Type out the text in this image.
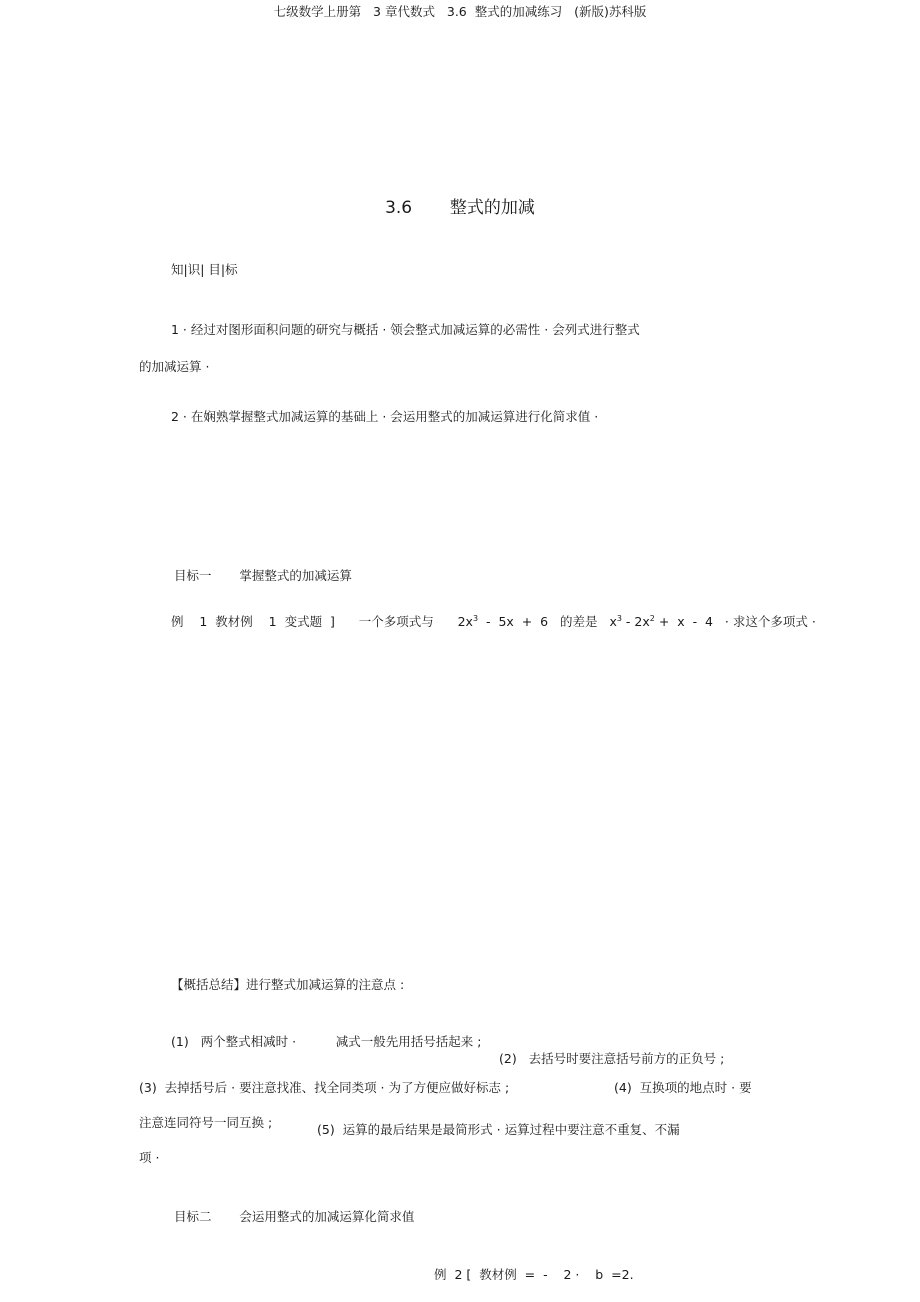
七级数学上册第   3 章代数式   3.6  整式的加减练习   (新版)苏科版
3.6       整式的加减
知|识| 目|标
1 · 经过对图形面积问题的研究与概括 · 领会整式加减运算的必需性 · 会列式进行整式
的加减运算 ·
2 · 在娴熟掌握整式加减运算的基础上 · 会运用整式的加减运算进行化简求值 ·
目标一       掌握整式的加减运算
例    1  教材例    1  变式题  ]      一个多项式与      $2x^3 - 5x + 6$   的差是   $x^3 - 2x^2 + x - 4$   · 求这个多项式 ·
【概括总结】进行整式加减运算的注意点 :
(1)   两个整式相减时 ·          减式一般先用括号括起来 ;
(2)   去括号时要注意括号前方的正负号 ;
(3)  去掉括号后 · 要注意找准、找全同类项 · 为了方便应做好标志 ;	(4)  互换项的地点时 · 要
注意连同符号一同互换 ;	(5)  运算的最后结果是最简形式 · 运算过程中要注意不重复、不漏
项 ·
目标二       会运用整式的加减运算化简求值
例  2 [  教材例  =  -    2 ·    b  =2.
